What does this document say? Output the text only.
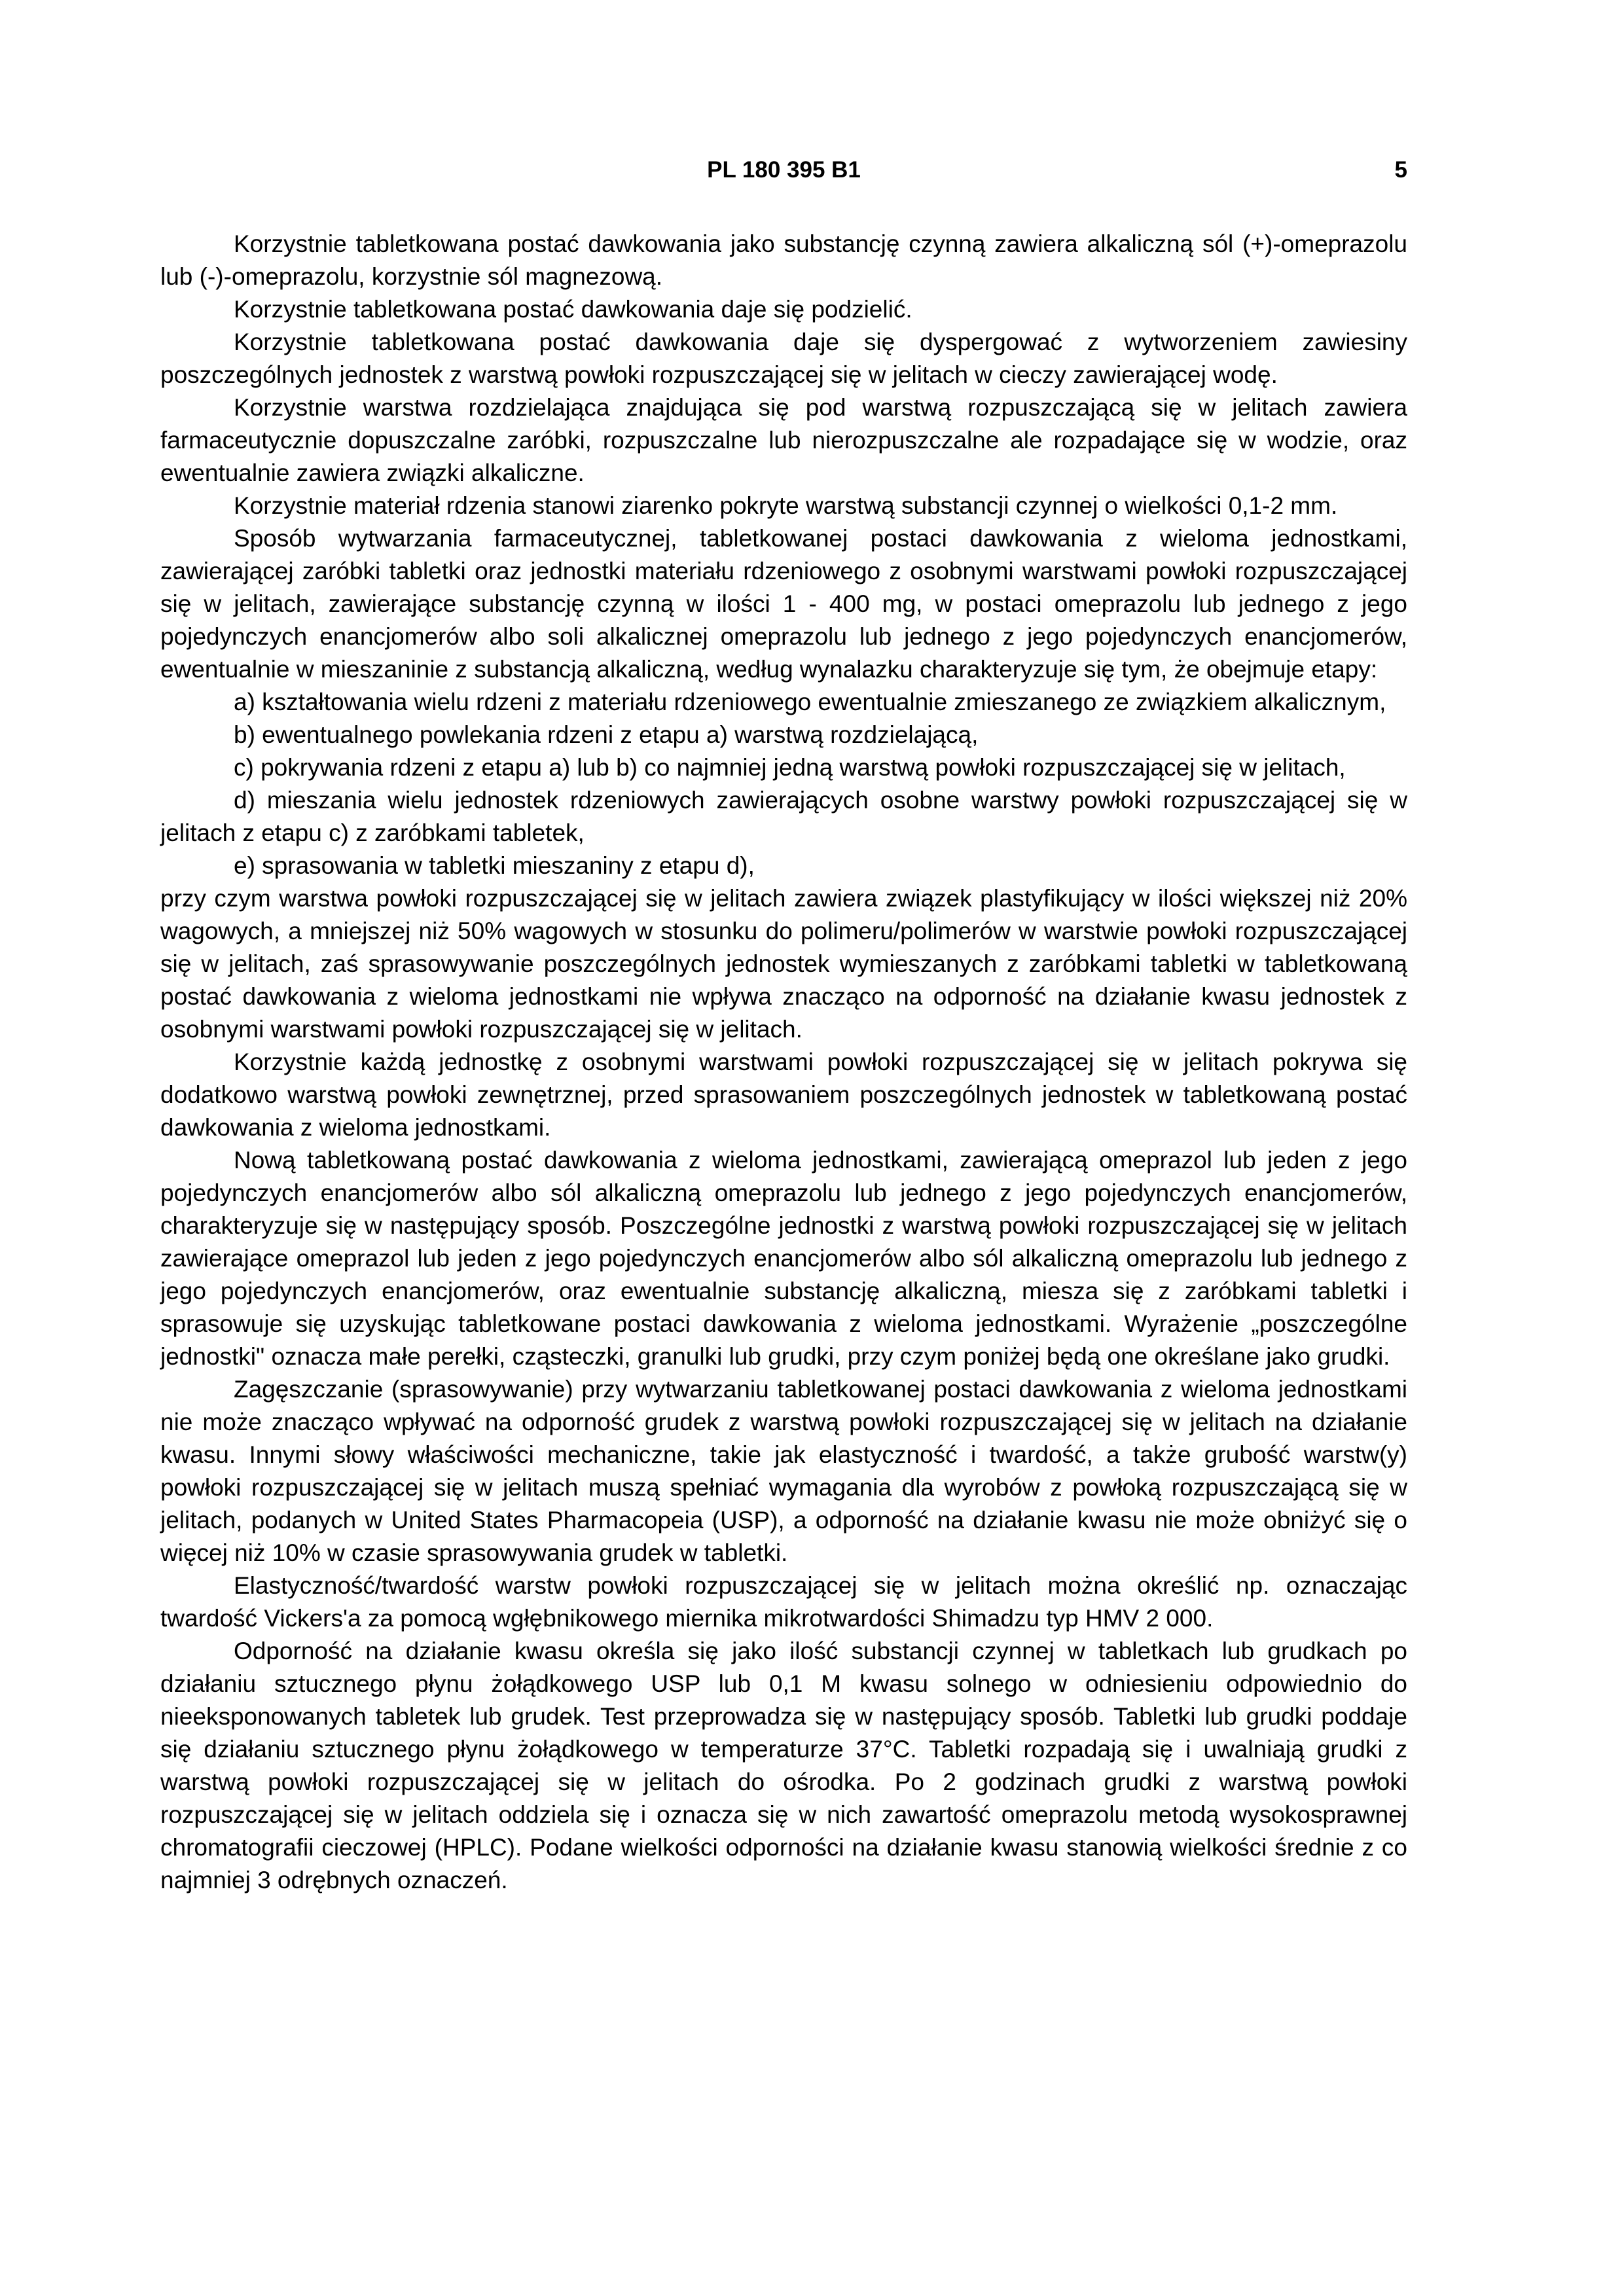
PL 180 395 B1	5

Korzystnie tabletkowana postać dawkowania jako substancję czynną zawiera alkaliczną sól (+)-omeprazolu lub (-)-omeprazolu, korzystnie sól magnezową.

Korzystnie tabletkowana postać dawkowania daje się podzielić.

Korzystnie tabletkowana postać dawkowania daje się dyspergować z wytworzeniem zawiesiny poszczególnych jednostek z warstwą powłoki rozpuszczającej się w jelitach w cieczy zawierającej wodę.

Korzystnie warstwa rozdzielająca znajdująca się pod warstwą rozpuszczającą się w jelitach zawiera farmaceutycznie dopuszczalne zaróbki, rozpuszczalne lub nierozpuszczalne ale rozpadające się w wodzie, oraz ewentualnie zawiera związki alkaliczne.

Korzystnie materiał rdzenia stanowi ziarenko pokryte warstwą substancji czynnej o wielkości 0,1-2 mm.

Sposób wytwarzania farmaceutycznej, tabletkowanej postaci dawkowania z wieloma jednostkami, zawierającej zaróbki tabletki oraz jednostki materiału rdzeniowego z osobnymi warstwami powłoki rozpuszczającej się w jelitach, zawierające substancję czynną w ilości 1 - 400 mg, w postaci omeprazolu lub jednego z jego pojedynczych enancjomerów albo soli alkalicznej omeprazolu lub jednego z jego pojedynczych enancjomerów, ewentualnie w mieszaninie z substancją alkaliczną, według wynalazku charakteryzuje się tym, że obejmuje etapy:

a) kształtowania wielu rdzeni z materiału rdzeniowego ewentualnie zmieszanego ze związkiem alkalicznym,

b) ewentualnego powlekania rdzeni z etapu a) warstwą rozdzielającą,

c) pokrywania rdzeni z etapu a) lub b) co najmniej jedną warstwą powłoki rozpuszczającej się w jelitach,

d) mieszania wielu jednostek rdzeniowych zawierających osobne warstwy powłoki rozpuszczającej się w jelitach z etapu c) z zaróbkami tabletek,

e) sprasowania w tabletki mieszaniny z etapu d),

przy czym warstwa powłoki rozpuszczającej się w jelitach zawiera związek plastyfikujący w ilości większej niż 20% wagowych, a mniejszej niż 50% wagowych w stosunku do polimeru/polimerów w warstwie powłoki rozpuszczającej się w jelitach, zaś sprasowywanie poszczególnych jednostek wymieszanych z zaróbkami tabletki w tabletkowaną postać dawkowania z wieloma jednostkami nie wpływa znacząco na odporność na działanie kwasu jednostek z osobnymi warstwami powłoki rozpuszczającej się w jelitach.

Korzystnie każdą jednostkę z osobnymi warstwami powłoki rozpuszczającej się w jelitach pokrywa się dodatkowo warstwą powłoki zewnętrznej, przed sprasowaniem poszczególnych jednostek w tabletkowaną postać dawkowania z wieloma jednostkami.

Nową tabletkowaną postać dawkowania z wieloma jednostkami, zawierającą omeprazol lub jeden z jego pojedynczych enancjomerów albo sól alkaliczną omeprazolu lub jednego z jego pojedynczych enancjomerów, charakteryzuje się w następujący sposób. Poszczególne jednostki z warstwą powłoki rozpuszczającej się w jelitach zawierające omeprazol lub jeden z jego pojedynczych enancjomerów albo sól alkaliczną omeprazolu lub jednego z jego pojedynczych enancjomerów, oraz ewentualnie substancję alkaliczną, miesza się z zaróbkami tabletki i sprasowuje się uzyskując tabletkowane postaci dawkowania z wieloma jednostkami. Wyrażenie „poszczególne jednostki" oznacza małe perełki, cząsteczki, granulki lub grudki, przy czym poniżej będą one określane jako grudki.

Zagęszczanie (sprasowywanie) przy wytwarzaniu tabletkowanej postaci dawkowania z wieloma jednostkami nie może znacząco wpływać na odporność grudek z warstwą powłoki rozpuszczającej się w jelitach na działanie kwasu. Innymi słowy właściwości mechaniczne, takie jak elastyczność i twardość, a także grubość warstw(y) powłoki rozpuszczającej się w jelitach muszą spełniać wymagania dla wyrobów z powłoką rozpuszczającą się w jelitach, podanych w United States Pharmacopeia (USP), a odporność na działanie kwasu nie może obniżyć się o więcej niż 10% w czasie sprasowywania grudek w tabletki.

Elastyczność/twardość warstw powłoki rozpuszczającej się w jelitach można określić np. oznaczając twardość Vickers'a za pomocą wgłębnikowego miernika mikrotwardości Shimadzu typ HMV 2 000.

Odporność na działanie kwasu określa się jako ilość substancji czynnej w tabletkach lub grudkach po działaniu sztucznego płynu żołądkowego USP lub 0,1 M kwasu solnego w odniesieniu odpowiednio do nieeksponowanych tabletek lub grudek. Test przeprowadza się w następujący sposób. Tabletki lub grudki poddaje się działaniu sztucznego płynu żołądkowego w temperaturze 37°C. Tabletki rozpadają się i uwalniają grudki z warstwą powłoki rozpuszczającej się w jelitach do ośrodka. Po 2 godzinach grudki z warstwą powłoki rozpuszczającej się w jelitach oddziela się i oznacza się w nich zawartość omeprazolu metodą wysokosprawnej chromatografii cieczowej (HPLC). Podane wielkości odporności na działanie kwasu stanowią wielkości średnie z co najmniej 3 odrębnych oznaczeń.
